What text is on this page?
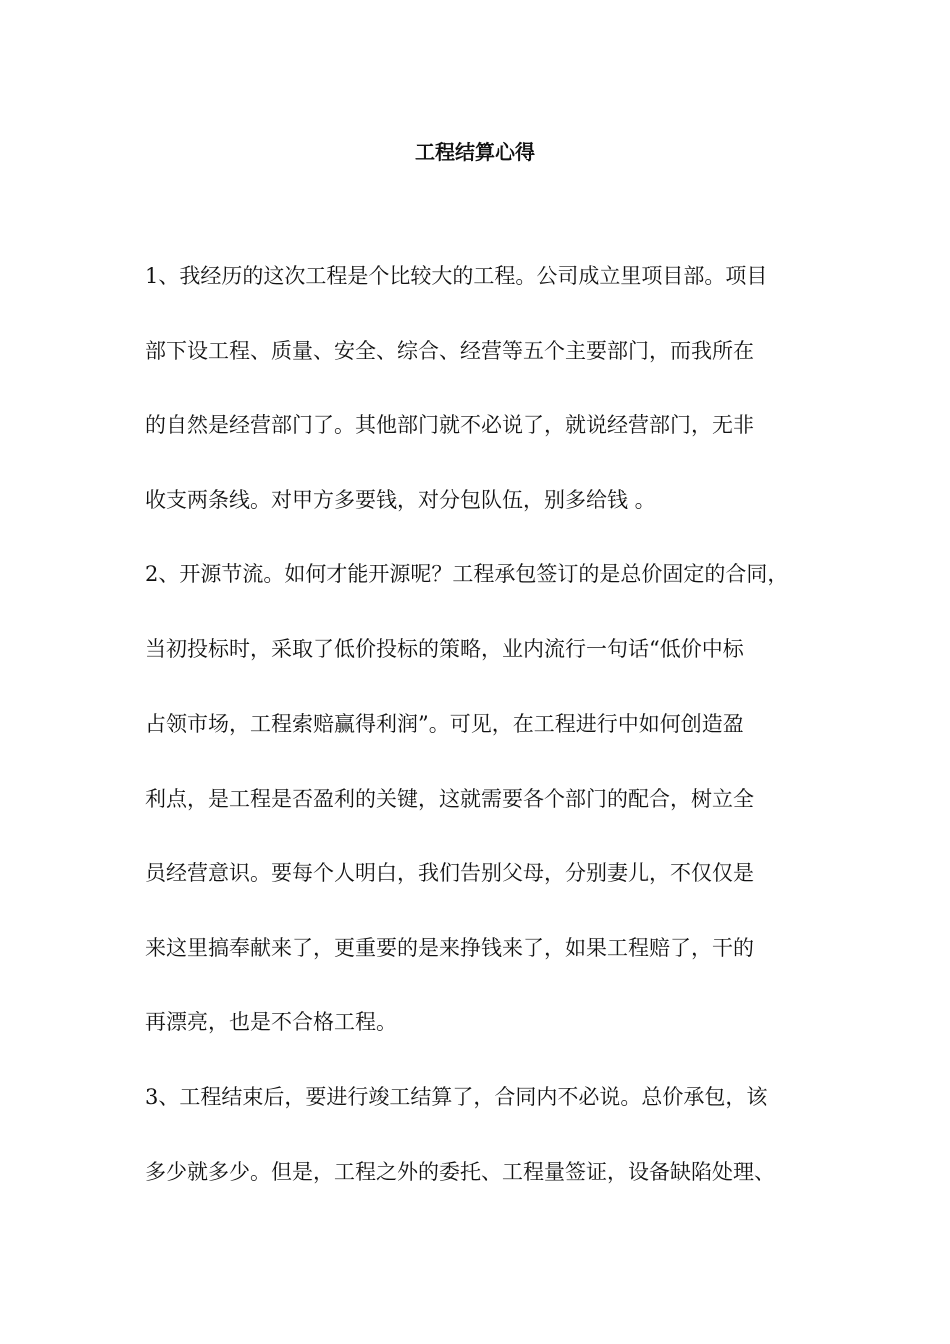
工程结算心得

1、我经历的这次工程是个比较大的工程。公司成立里项目部。项目

部下设工程、质量、安全、综合、经营等五个主要部门，而我所在

的自然是经营部门了。其他部门就不必说了，就说经营部门，无非

收支两条线。对甲方多要钱，对分包队伍，别多给钱 。

2、开源节流。如何才能开源呢？工程承包签订的是总价固定的合同，

当初投标时，采取了低价投标的策略，业内流行一句话“低价中标

占领市场，工程索赔赢得利润”。可见，在工程进行中如何创造盈

利点，是工程是否盈利的关键，这就需要各个部门的配合，树立全

员经营意识。要每个人明白，我们告别父母，分别妻儿，不仅仅是

来这里搞奉献来了，更重要的是来挣钱来了，如果工程赔了，干的

再漂亮，也是不合格工程。

3、工程结束后，要进行竣工结算了，合同内不必说。总价承包，该

多少就多少。但是，工程之外的委托、工程量签证，设备缺陷处理、
